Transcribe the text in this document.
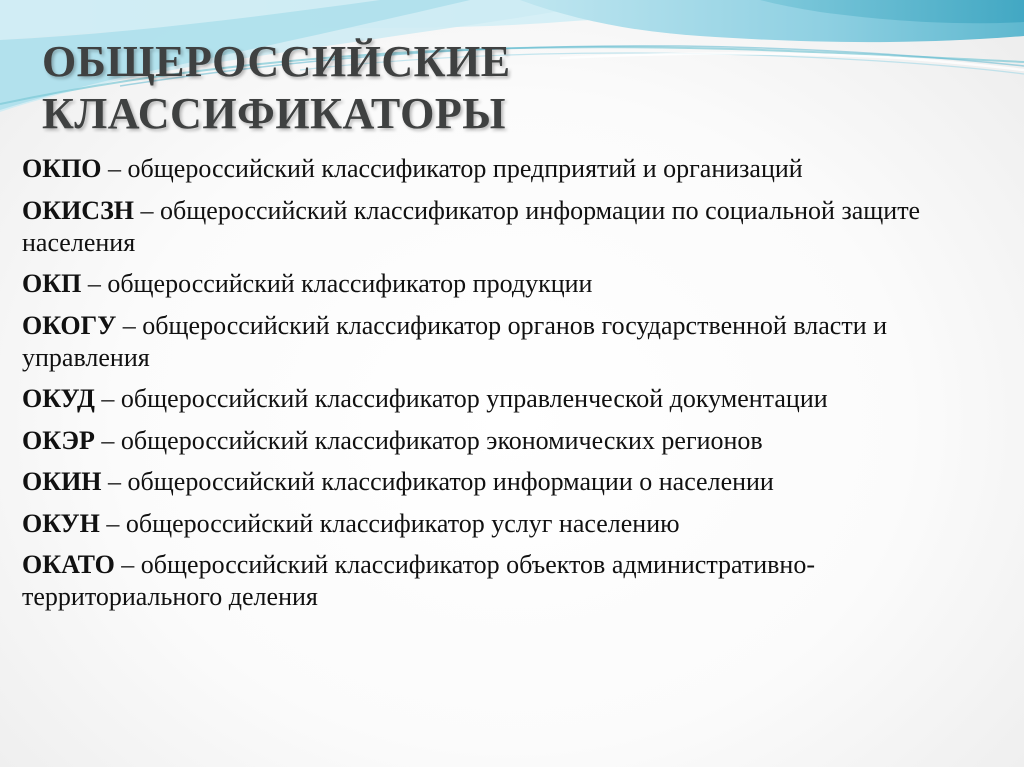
ОБЩЕРОССИЙСКИЕ
КЛАССИФИКАТОРЫ
ОКПО – общероссийский классификатор предприятий и организаций
ОКИСЗН – общероссийский классификатор информации по социальной защите населения
ОКП – общероссийский классификатор продукции
ОКОГУ – общероссийский классификатор органов государственной власти и управления
ОКУД – общероссийский классификатор управленческой документации
ОКЭР – общероссийский классификатор экономических регионов
ОКИН – общероссийский классификатор информации о населении
ОКУН – общероссийский классификатор услуг населению
ОКАТО – общероссийский классификатор объектов административно-территориального деления
